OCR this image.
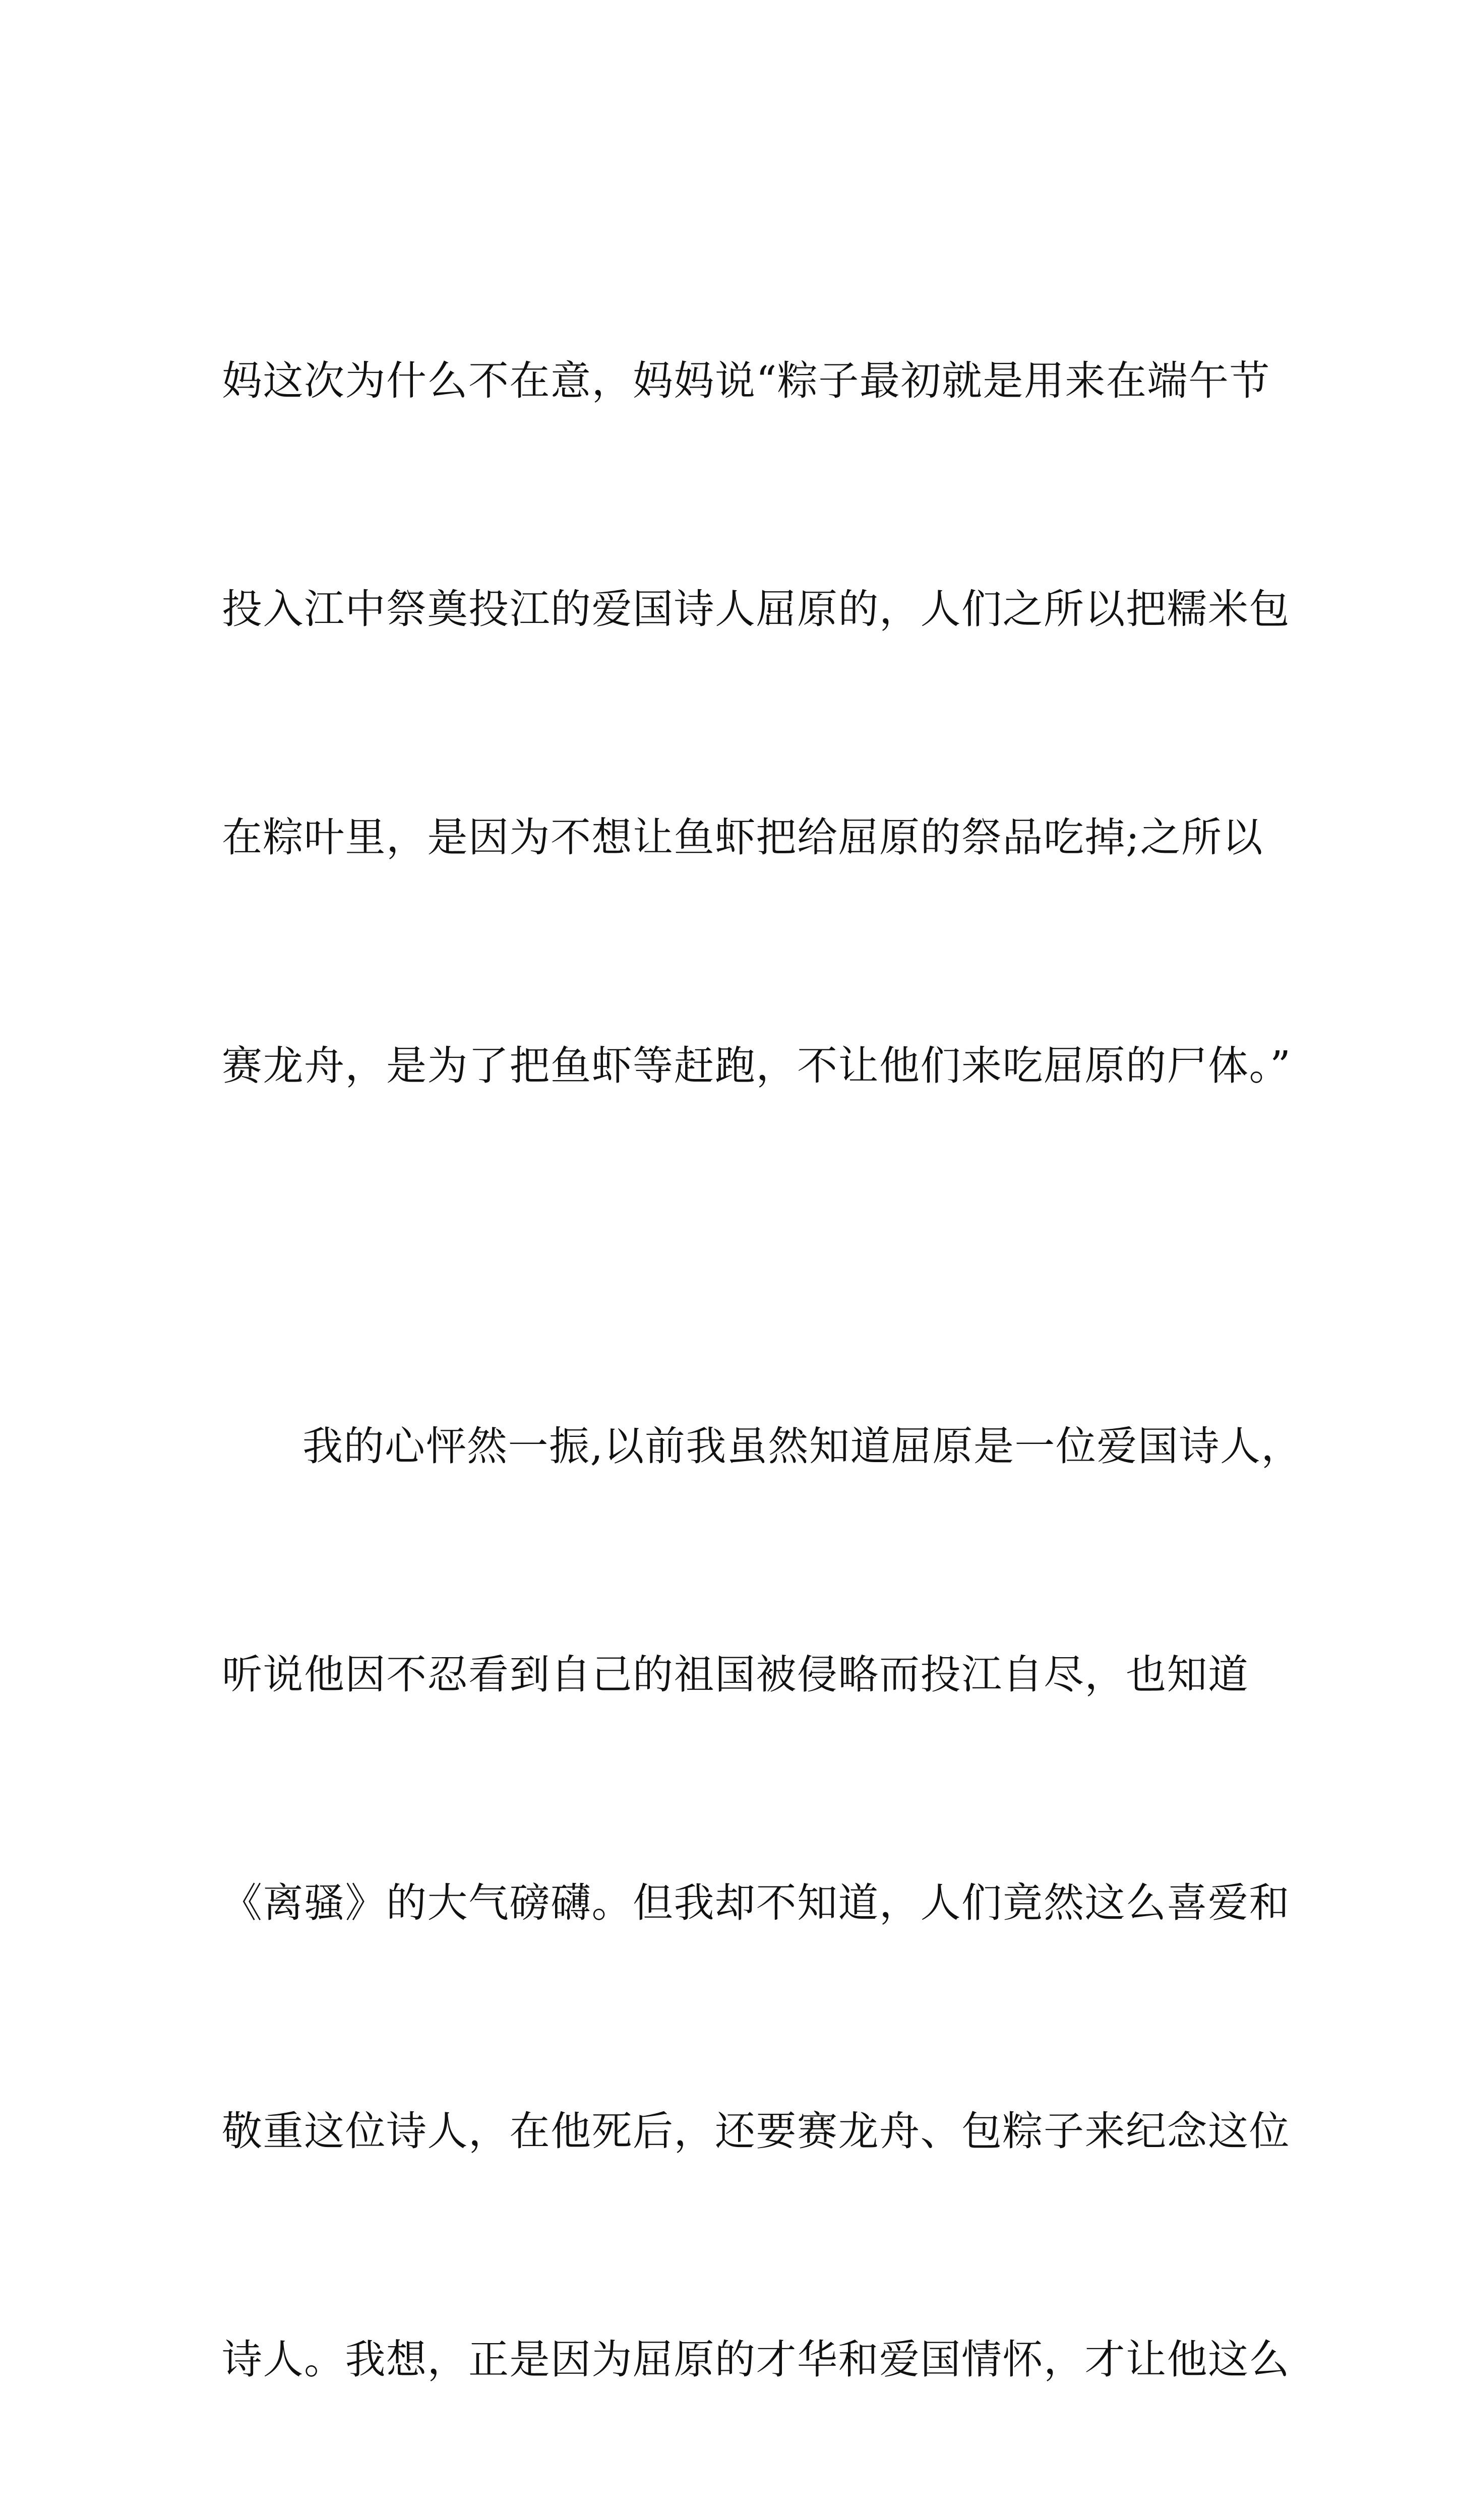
妈这次为什么不在意，妈妈说“粽子最初就是用来在端午节

投入江中祭奠投江的爱国诗人屈原的，人们之所以把糯米包

在粽叶里，是因为不想让鱼虾把给屈原的祭品吃掉;之所以

赛龙舟，是为了把鱼虾等赶跑，不让他们来吃屈原的尸体。”

我的心怦然一振,以前我虽然知道屈原是一位爱国诗人，

听说他因不忍看到自己的祖国被侵略而投江自尽，也知道

《离骚》的大气磅礴。但我却不知道，人们竟然这么喜爱和

敬重这位诗人，在他死后，还要赛龙舟、包粽子来纪念这位

诗人。我想，正是因为屈原的才华和爱国情怀，才让他这么
